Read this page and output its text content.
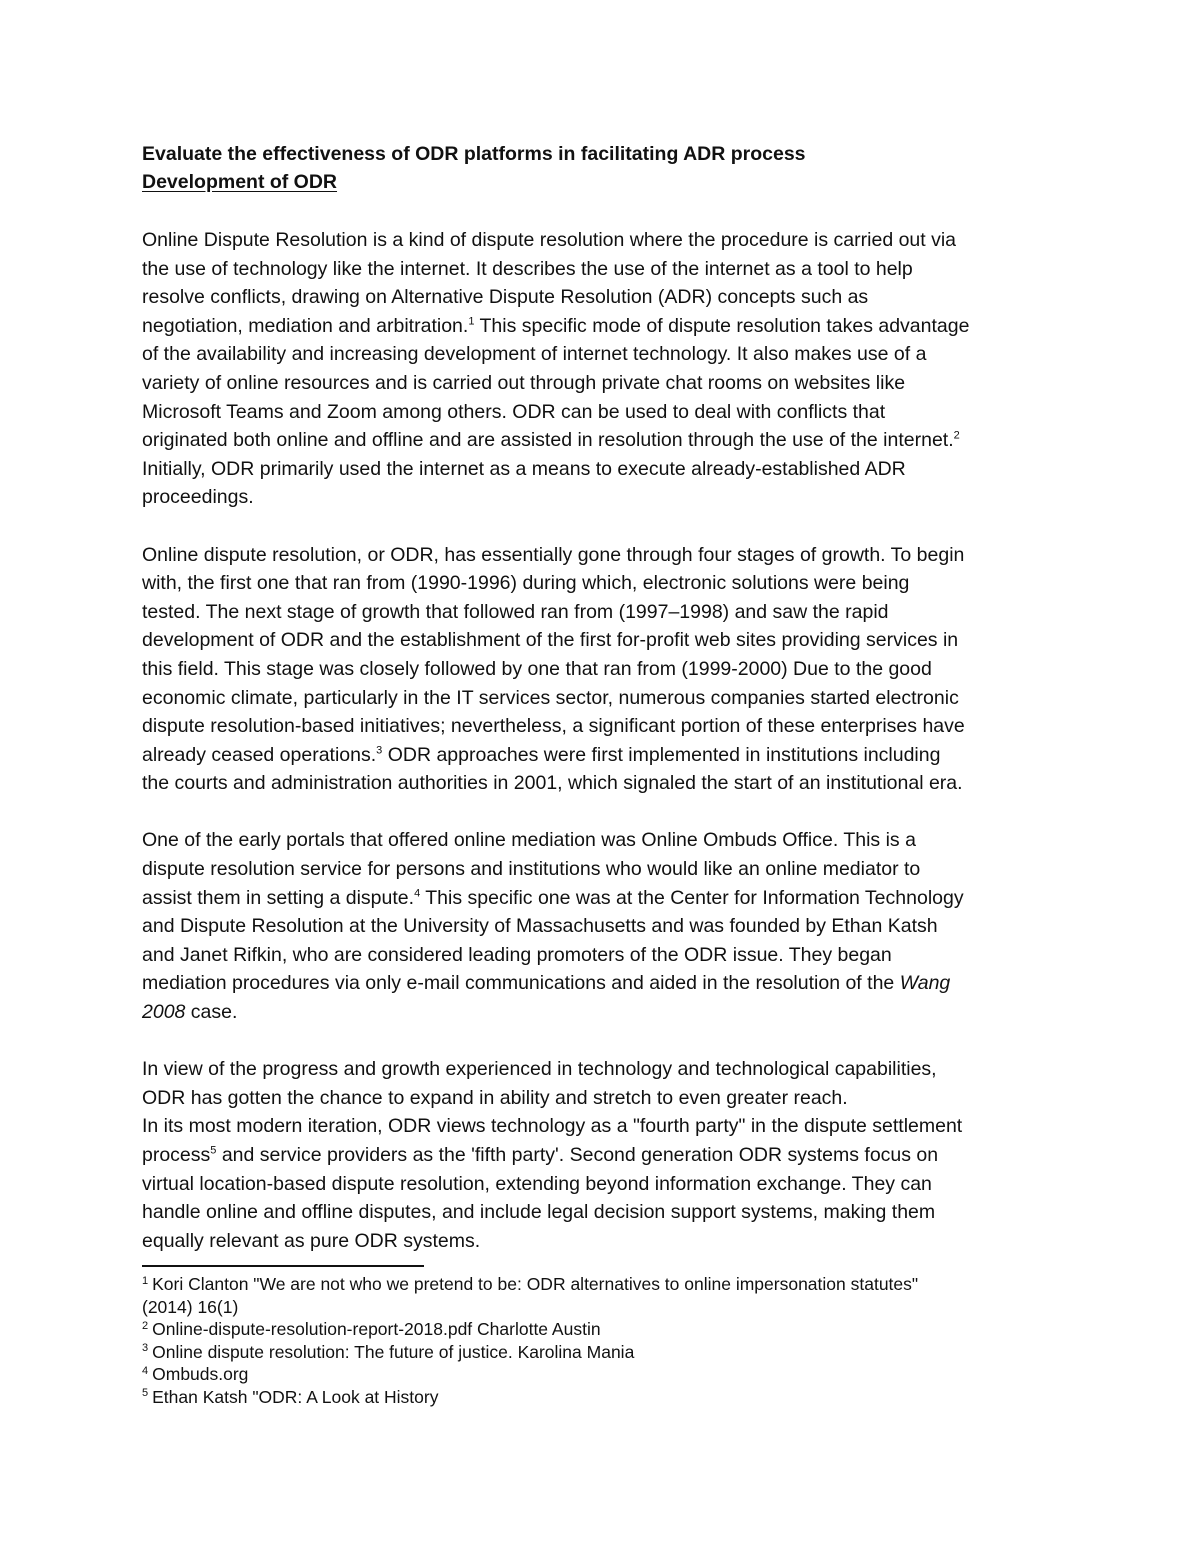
Evaluate the effectiveness of ODR platforms in facilitating ADR process

Development of ODR

Online Dispute Resolution is a kind of dispute resolution where the procedure is carried out via
the use of technology like the internet. It describes the use of the internet as a tool to help
resolve conflicts, drawing on Alternative Dispute Resolution (ADR) concepts such as
negotiation, mediation and arbitration.$^1$ This specific mode of dispute resolution takes advantage
of the availability and increasing development of internet technology. It also makes use of a
variety of online resources and is carried out through private chat rooms on websites like
Microsoft Teams and Zoom among others. ODR can be used to deal with conflicts that
originated both online and offline and are assisted in resolution through the use of the internet.$^2$
Initially, ODR primarily used the internet as a means to execute already-established ADR
proceedings.
Online dispute resolution, or ODR, has essentially gone through four stages of growth. To begin
with, the first one that ran from (1990-1996) during which, electronic solutions were being
tested. The next stage of growth that followed ran from (1997–1998) and saw the rapid
development of ODR and the establishment of the first for-profit web sites providing services in
this field. This stage was closely followed by one that ran from (1999-2000) Due to the good
economic climate, particularly in the IT services sector, numerous companies started electronic
dispute resolution-based initiatives; nevertheless, a significant portion of these enterprises have
already ceased operations.$^3$ ODR approaches were first implemented in institutions including
the courts and administration authorities in 2001, which signaled the start of an institutional era.
One of the early portals that offered online mediation was Online Ombuds Office. This is a
dispute resolution service for persons and institutions who would like an online mediator to
assist them in setting a dispute.$^4$ This specific one was at the Center for Information Technology
and Dispute Resolution at the University of Massachusetts and was founded by Ethan Katsh
and Janet Rifkin, who are considered leading promoters of the ODR issue. They began
mediation procedures via only e-mail communications and aided in the resolution of the Wang
2008 case.
In view of the progress and growth experienced in technology and technological capabilities,
ODR has gotten the chance to expand in ability and stretch to even greater reach.
In its most modern iteration, ODR views technology as a "fourth party" in the dispute settlement
process$^5$ and service providers as the 'fifth party'. Second generation ODR systems focus on
virtual location-based dispute resolution, extending beyond information exchange. They can
handle online and offline disputes, and include legal decision support systems, making them
equally relevant as pure ODR systems.
$^1$ Kori Clanton "We are not who we pretend to be: ODR alternatives to online impersonation statutes"
(2014) 16(1)
$^2$ Online-dispute-resolution-report-2018.pdf Charlotte Austin
$^3$ Online dispute resolution: The future of justice. Karolina Mania
$^4$ Ombuds.org
$^5$ Ethan Katsh "ODR: A Look at History
